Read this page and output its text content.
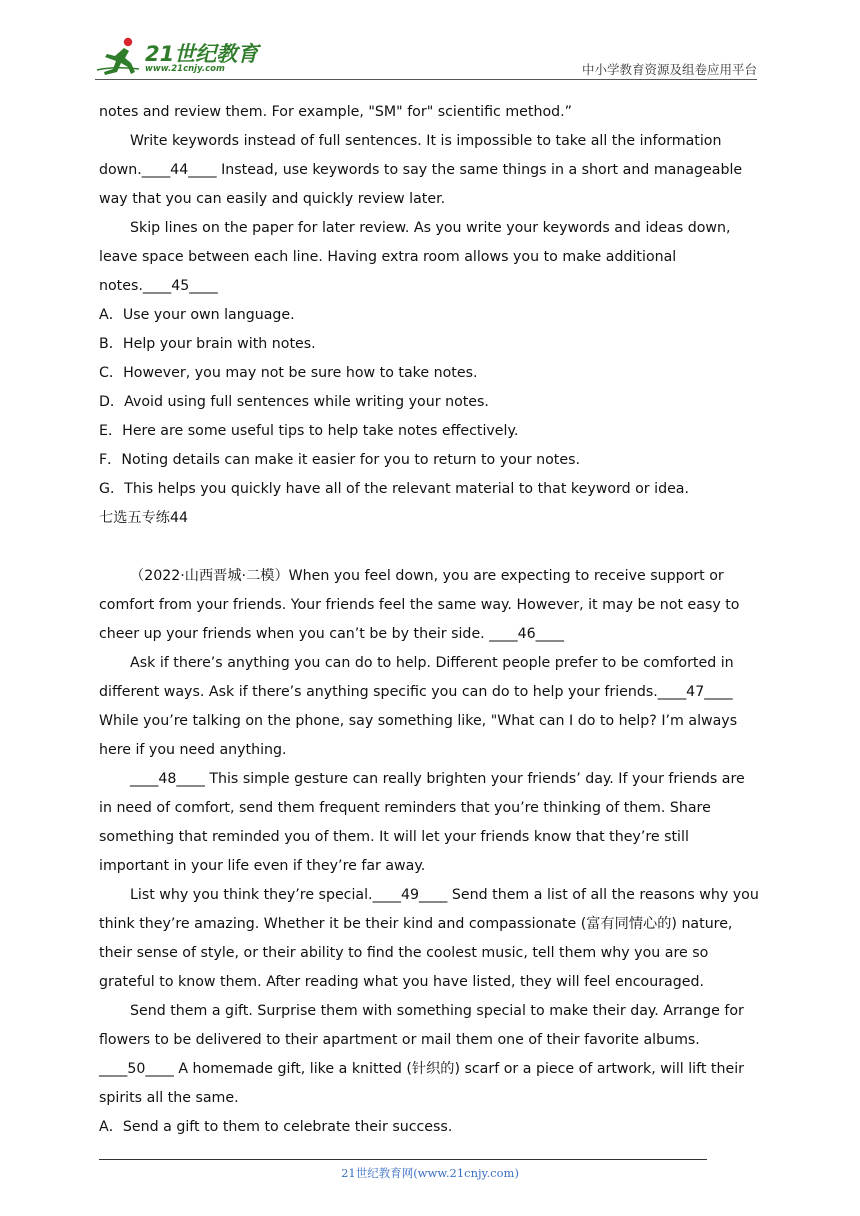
21世纪教育
www.21cnjy.com	中小学教育资源及组卷应用平台

notes and review them. For example, "SM" for" scientific method.”

Write keywords instead of full sentences. It is impossible to take all the information

down.____44____ Instead, use keywords to say the same things in a short and manageable

way that you can easily and quickly review later.

Skip lines on the paper for later review. As you write your keywords and ideas down,

leave space between each line. Having extra room allows you to make additional

notes.____45____

A．Use your own language.

B．Help your brain with notes.

C．However, you may not be sure how to take notes.

D．Avoid using full sentences while writing your notes.

E．Here are some useful tips to help take notes effectively.

F．Noting details can make it easier for you to return to your notes.

G．This helps you quickly have all of the relevant material to that keyword or idea.

七选五专练44

（2022·山西晋城·二模）When you feel down, you are expecting to receive support or

comfort from your friends. Your friends feel the same way. However, it may be not easy to

cheer up your friends when you can’t be by their side. ____46____

Ask if there’s anything you can do to help. Different people prefer to be comforted in

different ways. Ask if there’s anything specific you can do to help your friends.____47____

While you’re talking on the phone, say something like, "What can I do to help? I’m always

here if you need anything.

____48____ This simple gesture can really brighten your friends’ day. If your friends are

in need of comfort, send them frequent reminders that you’re thinking of them. Share

something that reminded you of them. It will let your friends know that they’re still

important in your life even if they’re far away.

List why you think they’re special.____49____ Send them a list of all the reasons why you

think they’re amazing. Whether it be their kind and compassionate (富有同情心的) nature,

their sense of style, or their ability to find the coolest music, tell them why you are so

grateful to know them. After reading what you have listed, they will feel encouraged.

Send them a gift. Surprise them with something special to make their day. Arrange for

flowers to be delivered to their apartment or mail them one of their favorite albums.

____50____ A homemade gift, like a knitted (针织的) scarf or a piece of artwork, will lift their

spirits all the same.

A．Send a gift to them to celebrate their success.

21世纪教育网(www.21cnjy.com)
